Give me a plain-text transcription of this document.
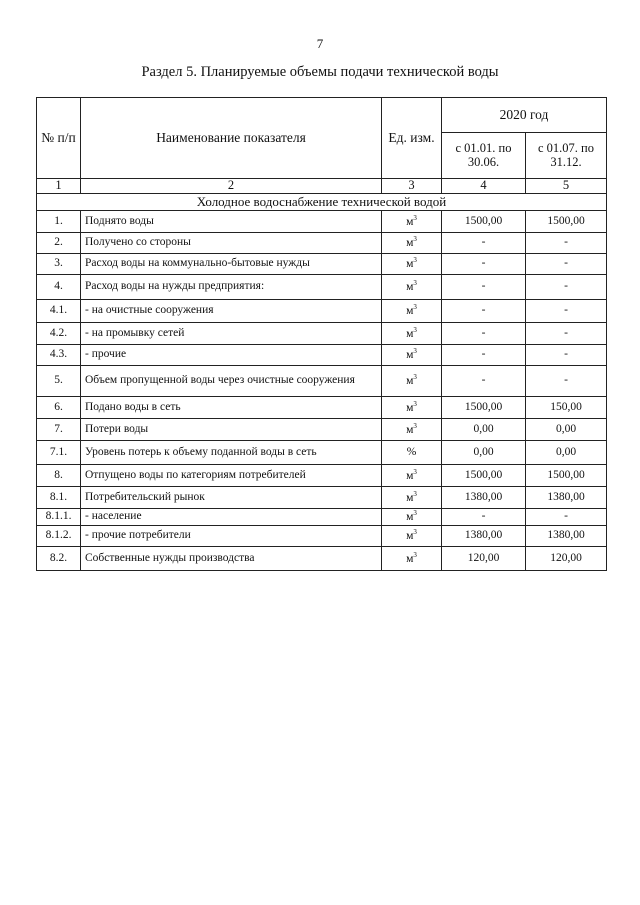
7
Раздел 5. Планируемые объемы подачи технической воды
№ п/п	Наименование показателя	Ед. изм.	2020 год	
			с 01.01. по 30.06.	с 01.07. по 31.12.
1	2	3	4	5
Холодное водоснабжение технической водой				
1.	Поднято воды	$м^3$	1500,00	1500,00
2.	Получено со стороны	$м^3$	-	-
3.	Расход воды на коммунально-бытовые нужды	$м^3$	-	-
4.	Расход воды на нужды предприятия:	$м^3$	-	-
4.1.	- на очистные сооружения	$м^3$	-	-
4.2.	- на промывку сетей	$м^3$	-	-
4.3.	- прочие	$м^3$	-	-
5.	Объем пропущенной воды через очистные сооружения	$м^3$	-	-
6.	Подано воды в сеть	$м^3$	1500,00	150,00
7.	Потери воды	$м^3$	0,00	0,00
7.1.	Уровень потерь к объему поданной воды в сеть	%	0,00	0,00
8.	Отпущено воды по категориям потребителей	$м^3$	1500,00	1500,00
8.1.	Потребительский рынок	$м^3$	1380,00	1380,00
8.1.1.	- население	$м^3$	-	-
8.1.2.	- прочие потребители	$м^3$	1380,00	1380,00
8.2.	Собственные нужды производства	$м^3$	120,00	120,00
